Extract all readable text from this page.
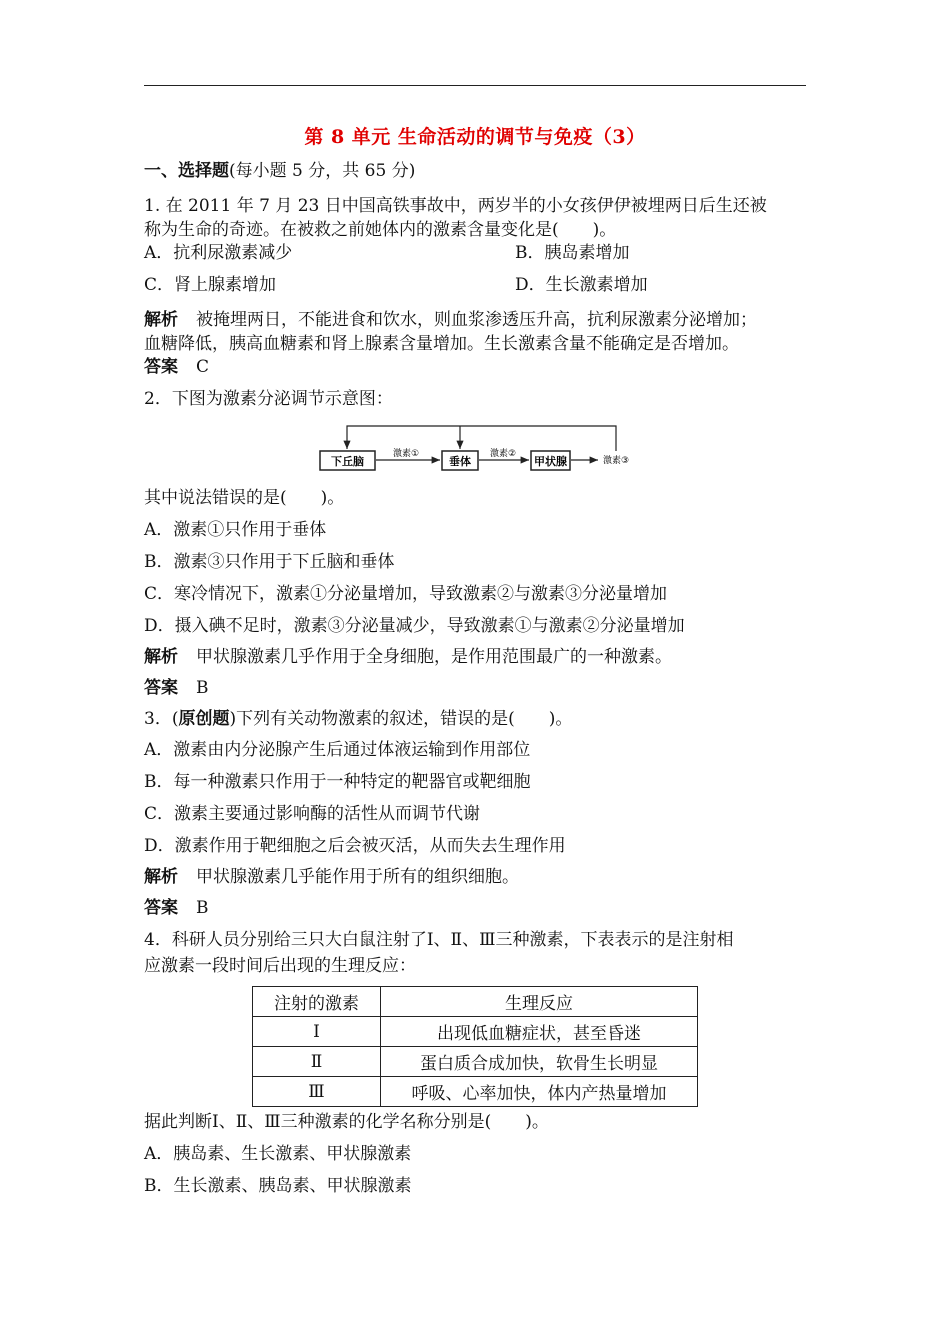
第 8 单元 生命活动的调节与免疫（3）
一、选择题(每小题 5 分，共 65 分)
1. 在 2011 年 7 月 23 日中国高铁事故中，两岁半的小女孩伊伊被埋两日后生还被
称为生命的奇迹。在被救之前她体内的激素含量变化是(　　)。
A．抗利尿激素减少	B．胰岛素增加
C．肾上腺素增加	D．生长激素增加
解析 被掩埋两日，不能进食和饮水，则血浆渗透压升高，抗利尿激素分泌增加；
血糖降低，胰高血糖素和肾上腺素含量增加。生长激素含量不能确定是否增加。
答案 C
2．下图为激素分泌调节示意图：
下丘脑	垂体	甲状腺
激素①	激素②
激素③
其中说法错误的是(　　)。
A．激素①只作用于垂体
B．激素③只作用于下丘脑和垂体
C．寒冷情况下，激素①分泌量增加，导致激素②与激素③分泌量增加
D．摄入碘不足时，激素③分泌量减少，导致激素①与激素②分泌量增加
解析 甲状腺激素几乎作用于全身细胞，是作用范围最广的一种激素。
答案 B
3．(原创题)下列有关动物激素的叙述，错误的是(　　)。
A．激素由内分泌腺产生后通过体液运输到作用部位
B．每一种激素只作用于一种特定的靶器官或靶细胞
C．激素主要通过影响酶的活性从而调节代谢
D．激素作用于靶细胞之后会被灭活，从而失去生理作用
解析 甲状腺激素几乎能作用于所有的组织细胞。
答案 B
4．科研人员分别给三只大白鼠注射了Ⅰ、Ⅱ、Ⅲ三种激素，下表表示的是注射相
应激素一段时间后出现的生理反应：
注射的激素	生理反应
Ⅰ	出现低血糖症状，甚至昏迷
Ⅱ	蛋白质合成加快，软骨生长明显
Ⅲ	呼吸、心率加快，体内产热量增加
据此判断Ⅰ、Ⅱ、Ⅲ三种激素的化学名称分别是(　　)。
A．胰岛素、生长激素、甲状腺激素
B．生长激素、胰岛素、甲状腺激素
